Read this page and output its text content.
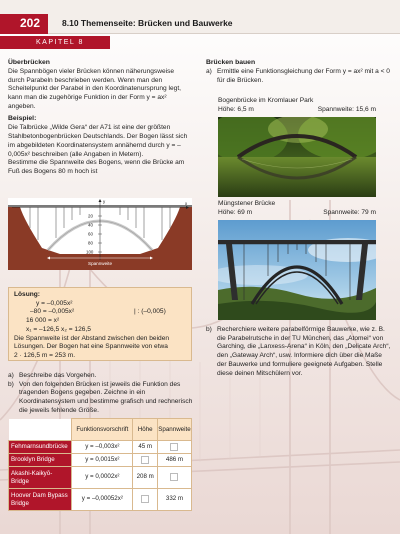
202	8.10 Themenseite: Brücken und Bauwerke
KAPITEL 8
Überbrücken

Die Spannbögen vieler Brücken können näherungsweise durch Parabeln beschrieben werden. Wenn man den Scheitelpunkt der Parabel in den Koordinatenursprung legt, kann man die zugehörige Funktion in der Form y = ax² angeben.

Beispiel:

Die Talbrücke „Wilde Gera“ der A71 ist eine der größten Stahlbetonbogenbrücken Deutschlands. Der Bogen lässt sich im abgebildeten Koordinatensystem annähernd durch y = –0,005x² beschreiben (alle Angaben in Metern).

Bestimme die Spannweite des Bogens, wenn die Brücke am Fuß des Bogens 80 m hoch ist

y	x
20
40
60
80
100
Spannweite
Lösung:
y = –0,005x²
–80 = –0,005x²	| : (–0,005)
16 000 = x²
x₁ = –126,5 x₂ = 126,5
Die Spannweite ist der Abstand zwischen den beiden Lösungen. Der Bogen hat eine Spannweite von etwa
2 · 126,5 m = 253 m.
a) Beschreibe das Vorgehen.
b) Von den folgenden Brücken ist jeweils die Funktion des tragenden Bogens gegeben. Zeichne in ein Koordinatensystem und bestimme grafisch und rechnerisch die jeweils fehlende Größe.
	Funktionsvorschrift	Höhe	Spannweite
Fehmarnsundbrücke	y = –0,003x²	45 m	
Brooklyn Bridge	y = 0,0015x²		486 m
Akashi-Kaikyō-Bridge	y = 0,0002x²	208 m	
Hoover Dam Bypass Bridge	y = –0,00052x²		332 m
Brücken bauen
a) Ermittle eine Funktionsgleichung der Form y = ax² mit a < 0 für die Brücken.
Bogenbrücke im Kromlauer Park
Höhe: 6,5 m	Spannweite: 15,6 m
Müngstener Brücke
Höhe: 69 m	Spannweite: 79 m
b) Recherchiere weitere parabelförmige Bauwerke, wie z. B. die Parabelrutsche in der TU München, das „Atomei“ von Garching, die „Lanxess-Arena“ in Köln, den „Delicate Arch“, den „Gateway Arch“, usw. Informiere dich über die Maße der Bauwerke und formuliere geeignete Aufgaben. Stelle diese deinen Mitschülern vor.
